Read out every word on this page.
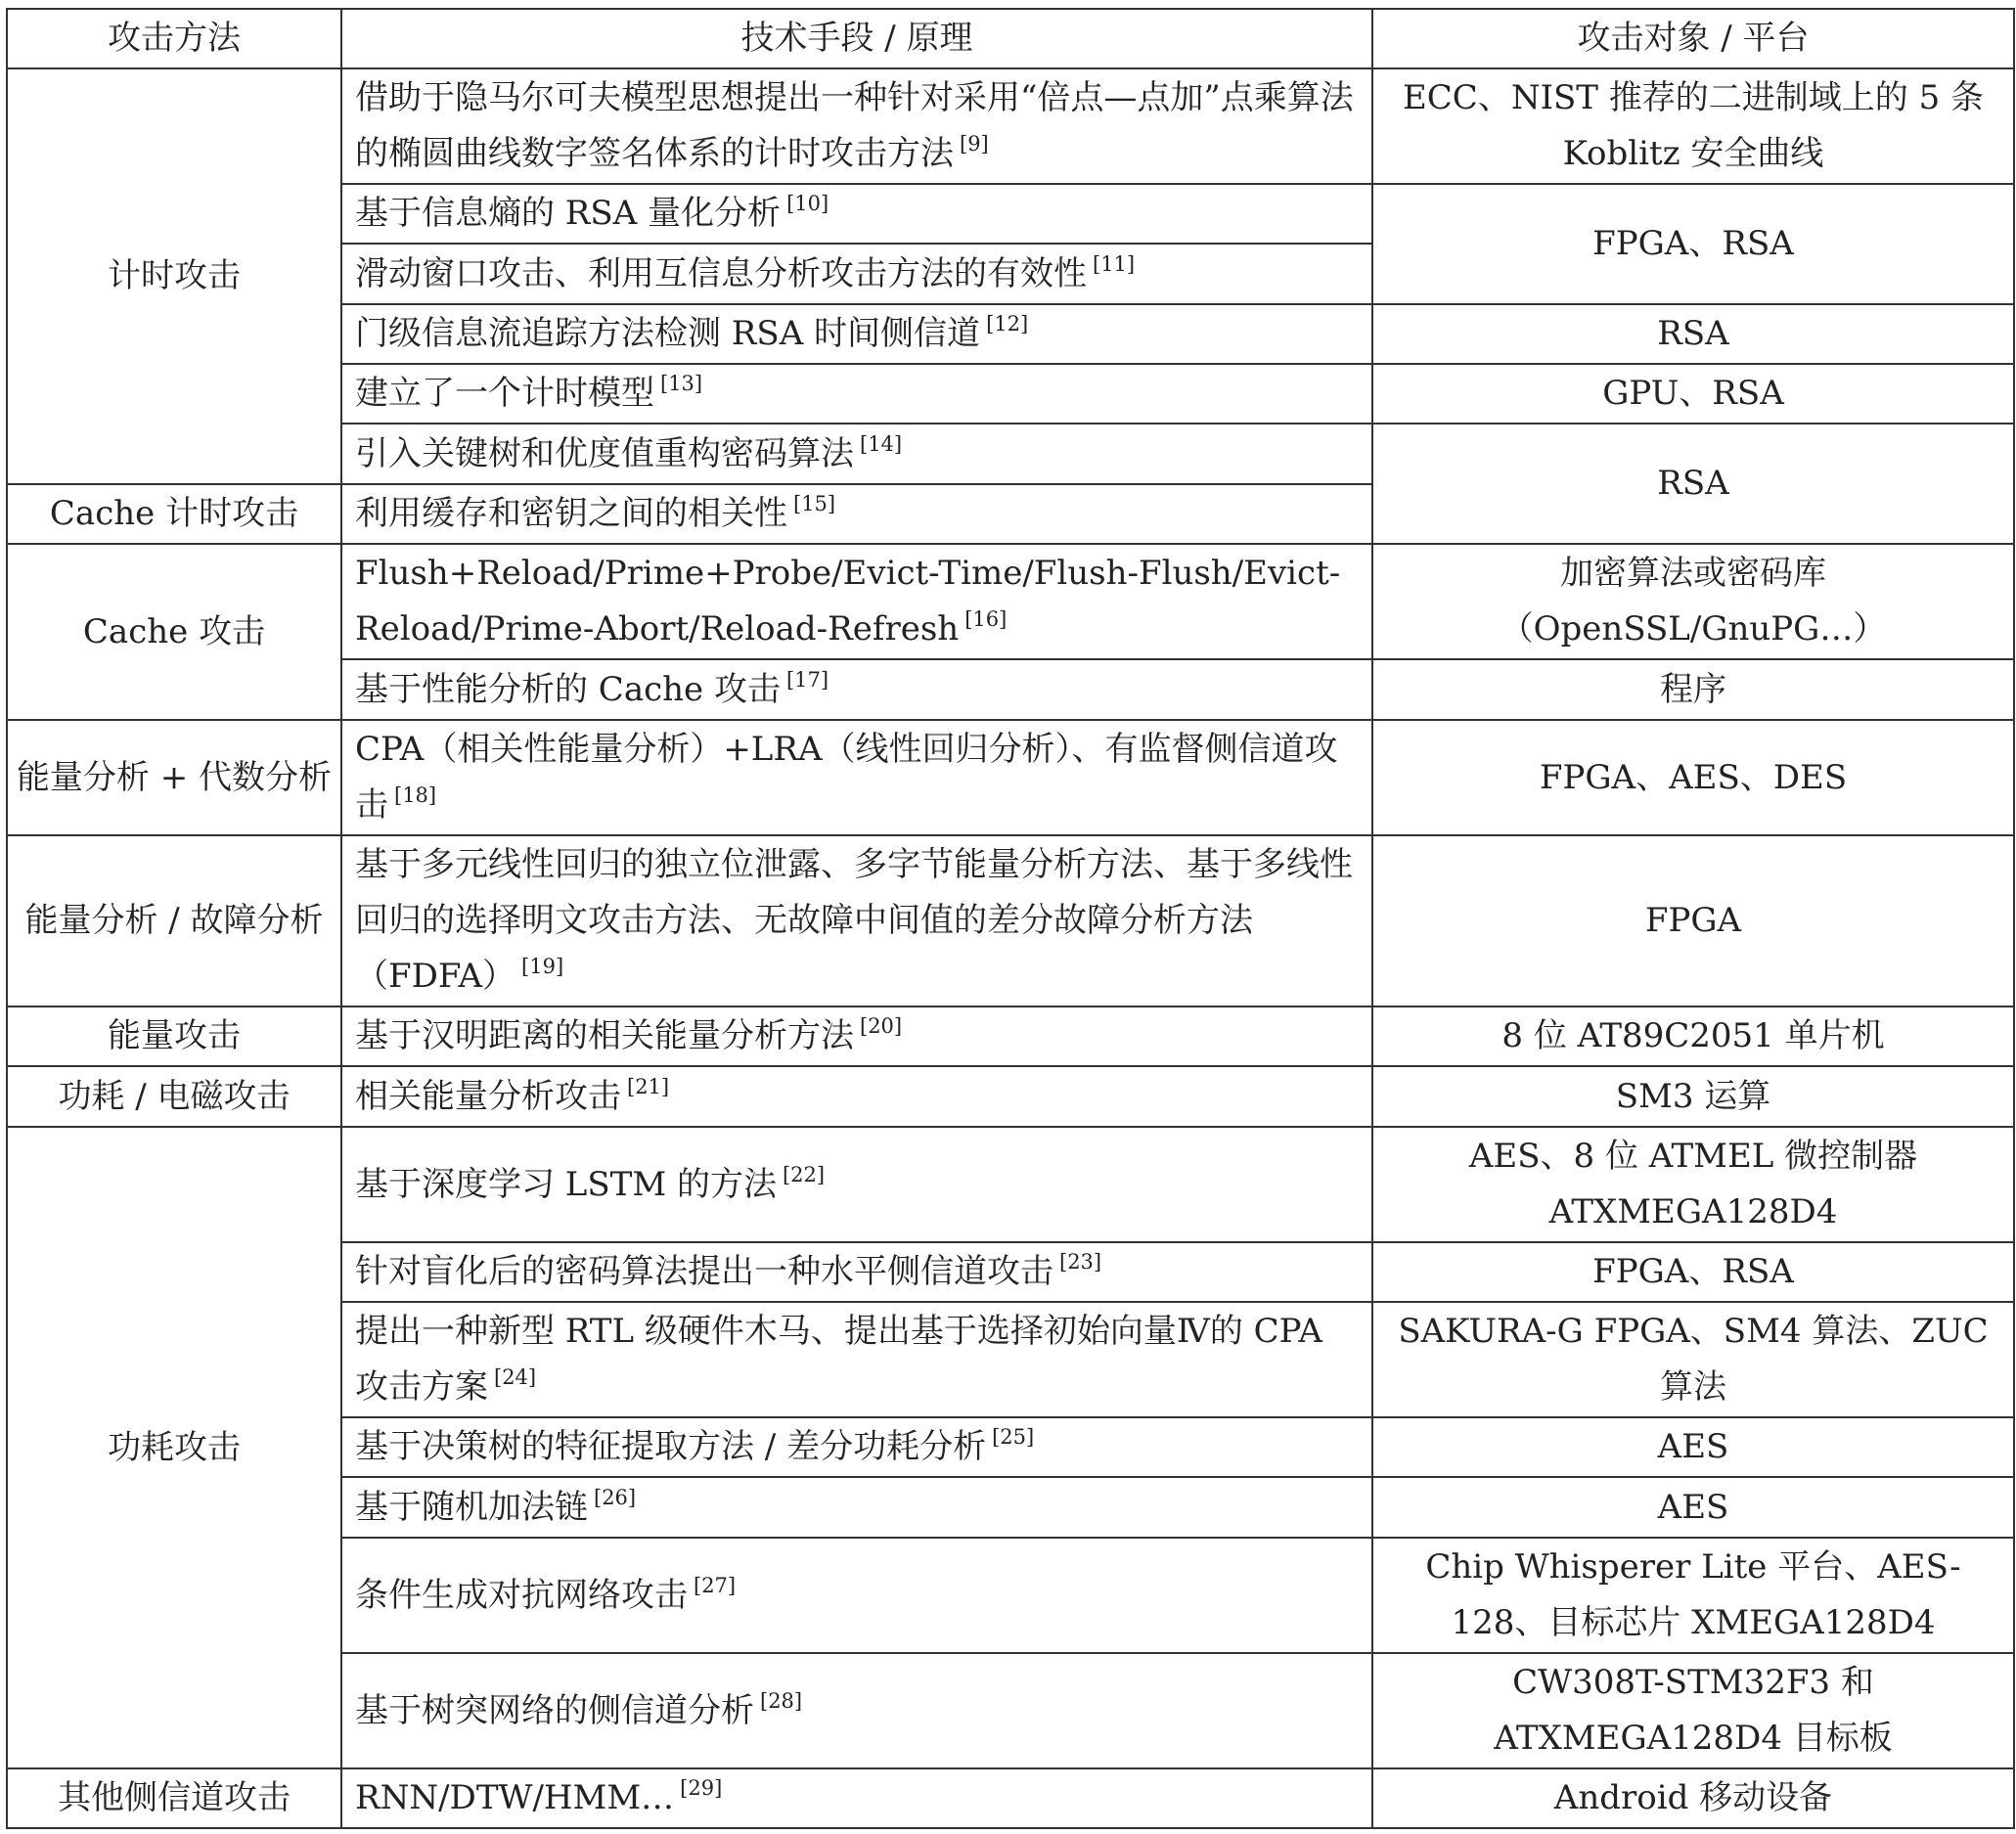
攻击方法	技术手段 / 原理	攻击对象 / 平台
计时攻击	借助于隐马尔可夫模型思想提出一种针对采用“倍点—点加”点乘算法的椭圆曲线数字签名体系的计时攻击方法 [9]	ECC、NIST 推荐的二进制域上的 5 条 Koblitz 安全曲线
	基于信息熵的 RSA 量化分析 [10]	FPGA、RSA
	滑动窗口攻击、利用互信息分析攻击方法的有效性 [11]
	门级信息流追踪方法检测 RSA 时间侧信道 [12]	RSA
	建立了一个计时模型 [13]	GPU、RSA
	引入关键树和优度值重构密码算法 [14]	RSA
Cache 计时攻击	利用缓存和密钥之间的相关性 [15]
Cache 攻击	Flush+Reload/Prime+Probe/Evict-Time/Flush-Flush/Evict-Reload/Prime-Abort/Reload-Refresh [16]	加密算法或密码库（OpenSSL/GnuPG…）
	基于性能分析的 Cache 攻击 [17]	程序
能量分析 + 代数分析	CPA（相关性能量分析）+LRA（线性回归分析）、有监督侧信道攻击 [18]	FPGA、AES、DES
能量分析 / 故障分析	基于多元线性回归的独立位泄露、多字节能量分析方法、基于多线性回归的选择明文攻击方法、无故障中间值的差分故障分析方法（FDFA） [19]	FPGA
能量攻击	基于汉明距离的相关能量分析方法 [20]	8 位 AT89C2051 单片机
功耗 / 电磁攻击	相关能量分析攻击 [21]	SM3 运算
功耗攻击	基于深度学习 LSTM 的方法 [22]	AES、8 位 ATMEL 微控制器 ATXMEGA128D4
	针对盲化后的密码算法提出一种水平侧信道攻击 [23]	FPGA、RSA
	提出一种新型 RTL 级硬件木马、提出基于选择初始向量Ⅳ的 CPA 攻击方案 [24]	SAKURA-G FPGA、SM4 算法、ZUC 算法
	基于决策树的特征提取方法 / 差分功耗分析 [25]	AES
	基于随机加法链 [26]	AES
	条件生成对抗网络攻击 [27]	Chip Whisperer Lite 平台、AES-128、目标芯片 XMEGA128D4
	基于树突网络的侧信道分析 [28]	CW308T-STM32F3 和 ATXMEGA128D4 目标板
其他侧信道攻击	RNN/DTW/HMM… [29]	Android 移动设备
